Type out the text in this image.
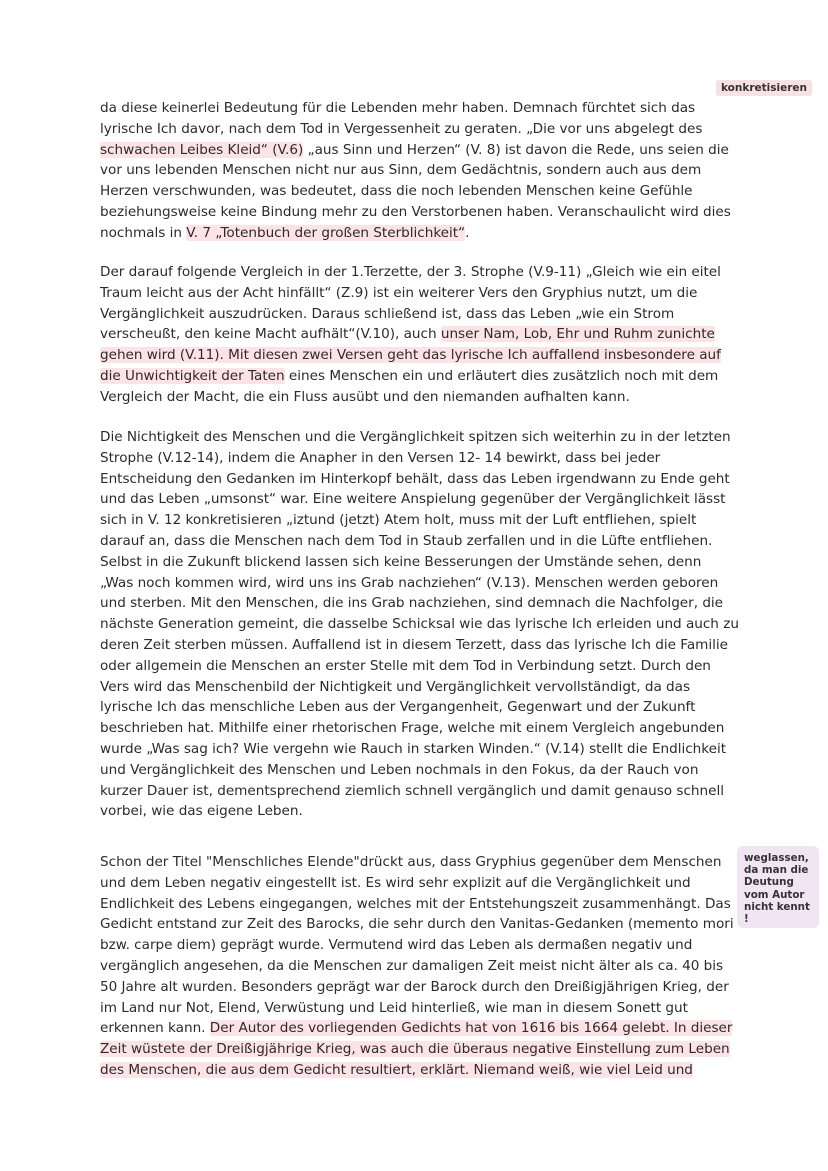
konkretisieren
weglassen,
da man die
Deutung
vom Autor
nicht kennt !
da diese keinerlei Bedeutung für die Lebenden mehr haben. Demnach fürchtet sich das
lyrische Ich davor, nach dem Tod in Vergessenheit zu geraten. „Die vor uns abgelegt des
schwachen Leibes Kleid“ (V.6) „aus Sinn und Herzen“ (V. 8) ist davon die Rede, uns seien die
vor uns lebenden Menschen nicht nur aus Sinn, dem Gedächtnis, sondern auch aus dem
Herzen verschwunden, was bedeutet, dass die noch lebenden Menschen keine Gefühle
beziehungsweise keine Bindung mehr zu den Verstorbenen haben. Veranschaulicht wird dies
nochmals in V. 7 „Totenbuch der großen Sterblichkeit“.
Der darauf folgende Vergleich in der 1.Terzette, der 3. Strophe (V.9-11) „Gleich wie ein eitel
Traum leicht aus der Acht hinfällt“ (Z.9) ist ein weiterer Vers den Gryphius nutzt, um die
Vergänglichkeit auszudrücken. Daraus schließend ist, dass das Leben „wie ein Strom
verscheußt, den keine Macht aufhält“(V.10), auch unser Nam, Lob, Ehr und Ruhm zunichte
gehen wird (V.11). Mit diesen zwei Versen geht das lyrische Ich auffallend insbesondere auf
die Unwichtigkeit der Taten eines Menschen ein und erläutert dies zusätzlich noch mit dem
Vergleich der Macht, die ein Fluss ausübt und den niemanden aufhalten kann.
Die Nichtigkeit des Menschen und die Vergänglichkeit spitzen sich weiterhin zu in der letzten
Strophe (V.12-14), indem die Anapher in den Versen 12- 14 bewirkt, dass bei jeder
Entscheidung den Gedanken im Hinterkopf behält, dass das Leben irgendwann zu Ende geht
und das Leben „umsonst“ war. Eine weitere Anspielung gegenüber der Vergänglichkeit lässt
sich in V. 12 konkretisieren „iztund (jetzt) Atem holt, muss mit der Luft entfliehen, spielt
darauf an, dass die Menschen nach dem Tod in Staub zerfallen und in die Lüfte entfliehen.
Selbst in die Zukunft blickend lassen sich keine Besserungen der Umstände sehen, denn
„Was noch kommen wird, wird uns ins Grab nachziehen“ (V.13). Menschen werden geboren
und sterben. Mit den Menschen, die ins Grab nachziehen, sind demnach die Nachfolger, die
nächste Generation gemeint, die dasselbe Schicksal wie das lyrische Ich erleiden und auch zu
deren Zeit sterben müssen. Auffallend ist in diesem Terzett, dass das lyrische Ich die Familie
oder allgemein die Menschen an erster Stelle mit dem Tod in Verbindung setzt. Durch den
Vers wird das Menschenbild der Nichtigkeit und Vergänglichkeit vervollständigt, da das
lyrische Ich das menschliche Leben aus der Vergangenheit, Gegenwart und der Zukunft
beschrieben hat. Mithilfe einer rhetorischen Frage, welche mit einem Vergleich angebunden
wurde „Was sag ich? Wie vergehn wie Rauch in starken Winden.“ (V.14) stellt die Endlichkeit
und Vergänglichkeit des Menschen und Leben nochmals in den Fokus, da der Rauch von
kurzer Dauer ist, dementsprechend ziemlich schnell vergänglich und damit genauso schnell
vorbei, wie das eigene Leben.
Schon der Titel "Menschliches Elende"drückt aus, dass Gryphius gegenüber dem Menschen
und dem Leben negativ eingestellt ist. Es wird sehr explizit auf die Vergänglichkeit und
Endlichkeit des Lebens eingegangen, welches mit der Entstehungszeit zusammenhängt. Das
Gedicht entstand zur Zeit des Barocks, die sehr durch den Vanitas-Gedanken (memento mori
bzw. carpe diem) geprägt wurde. Vermutend wird das Leben als dermaßen negativ und
vergänglich angesehen, da die Menschen zur damaligen Zeit meist nicht älter als ca. 40 bis
50 Jahre alt wurden. Besonders geprägt war der Barock durch den Dreißigjährigen Krieg, der
im Land nur Not, Elend, Verwüstung und Leid hinterließ, wie man in diesem Sonett gut
erkennen kann. Der Autor des vorliegenden Gedichts hat von 1616 bis 1664 gelebt. In dieser
Zeit wüstete der Dreißigjährige Krieg, was auch die überaus negative Einstellung zum Leben
des Menschen, die aus dem Gedicht resultiert, erklärt. Niemand weiß, wie viel Leid und
